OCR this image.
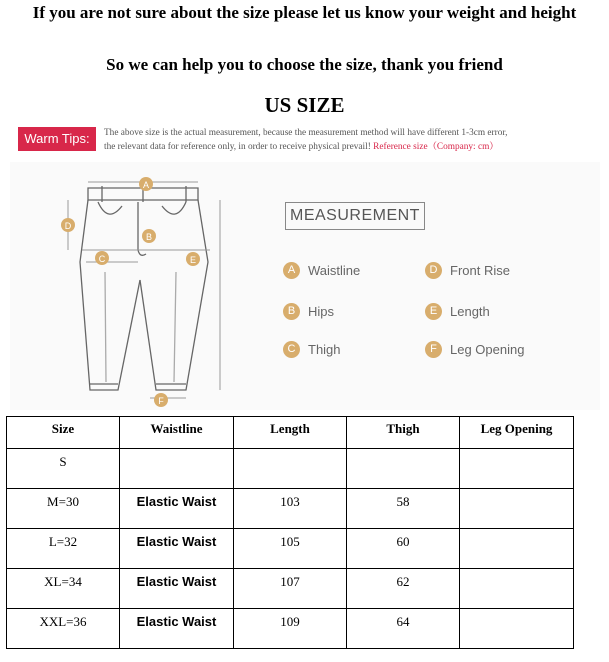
If you are not sure about the size please let us know your weight and height
So we can help you to choose the size, thank you friend
US SIZE
Warm Tips:	The above size is the actual measurement, because the measurement method will have different 1-3cm error,
the relevant data for reference only, in order to receive physical prevail! Reference size（Company: cm）
A
B
C
D
E
F
MEASUREMENT
A Waistline
B Hips
C Thigh
D Front Rise
E Length
F Leg Opening
Size	Waistline	Length	Thigh	Leg Opening
S				
M=30	Elastic Waist	103	58	
L=32	Elastic Waist	105	60	
XL=34	Elastic Waist	107	62	
XXL=36	Elastic Waist	109	64	
